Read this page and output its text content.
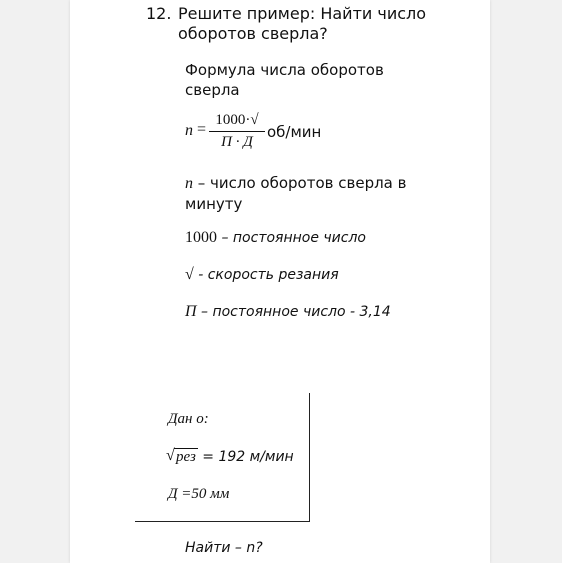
12. Решите пример: Найти число
оборотов сверла?
Формула числа оборотов
сверла
n =
1000·√
П · Д
об/мин
n – число оборотов сверла в
минуту
1000 – постоянное число
√ - скорость резания
П – постоянное число - 3,14
Дан о:
√ рез = 192 м/мин
Д =50 мм
Найти – n?
